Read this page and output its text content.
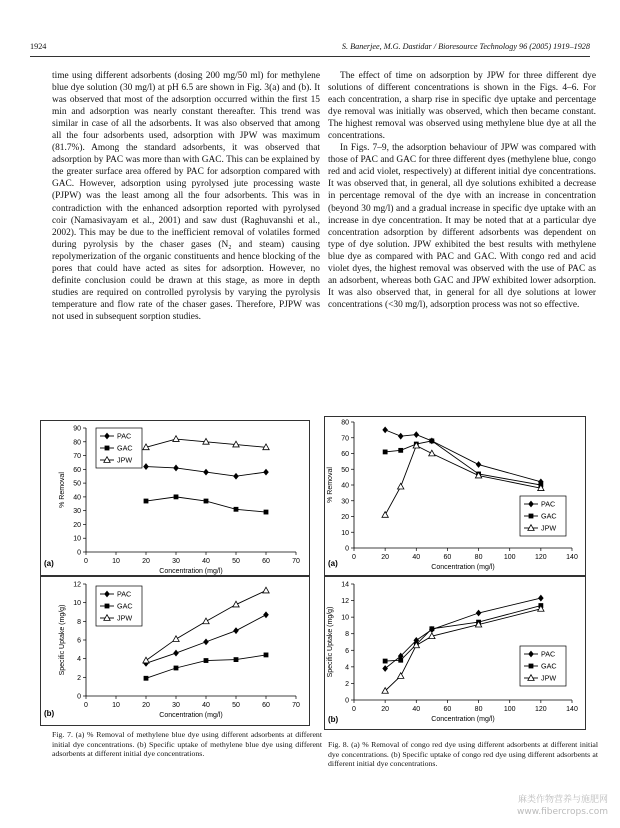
1924	S. Banerjee, M.G. Dastidar / Bioresource Technology 96 (2005) 1919–1928

time using different adsorbents (dosing 200 mg/50 ml) for methylene blue dye solution (30 mg/l) at pH 6.5 are shown in Fig. 3(a) and (b). It was observed that most of the adsorption occurred within the first 15 min and adsorption was nearly constant thereafter. This trend was similar in case of all the adsorbents. It was also observed that among all the four adsorbents used, adsorption with JPW was maximum (81.7%). Among the standard adsorbents, it was observed that adsorption by PAC was more than with GAC. This can be explained by the greater surface area offered by PAC for adsorption compared with GAC. However, adsorption using pyrolysed jute processing waste (PJPW) was the least among all the four adsorbents. This was in contradiction with the enhanced adsorption reported with pyrolysed coir (Namasivayam et al., 2001) and saw dust (Raghuvanshi et al., 2002). This may be due to the inefficient removal of volatiles formed during pyrolysis by the chaser gases (N₂ and steam) causing repolymerization of the organic constituents and hence blocking of the pores that could have acted as sites for adsorption. However, no definite conclusion could be drawn at this stage, as more in depth studies are required on controlled pyrolysis by varying the pyrolysis temperature and flow rate of the chaser gases. Therefore, PJPW was not used in subsequent sorption studies.

The effect of time on adsorption by JPW for three different dye solutions of different concentrations is shown in the Figs. 4–6. For each concentration, a sharp rise in specific dye uptake and percentage dye removal was initially was observed, which then became constant. The highest removal was observed using methylene blue dye at all the concentrations.

In Figs. 7–9, the adsorption behaviour of JPW was compared with those of PAC and GAC for three different dyes (methylene blue, congo red and acid violet, respectively) at different initial dye concentrations. It was observed that, in general, all dye solutions exhibited a decrease in percentage removal of the dye with an increase in concentration (beyond 30 mg/l) and a gradual increase in specific dye uptake with an increase in dye concentration. It may be noted that at a particular dye concentration adsorption by different adsorbents was dependent on type of dye solution. JPW exhibited the best results with methylene blue dye as compared with PAC and GAC. With congo red and acid violet dyes, the highest removal was observed with the use of PAC as an adsorbent, whereas both GAC and JPW exhibited lower adsorption. It was also observed that, in general for all dye solutions at lower concentrations (<30 mg/l), adsorption process was not so effective.

0	10	20	30	40	50	60	70
0
10
20
30
40
50
60
70
80
90
Concentration (mg/l)
% Removal
(a)
PAC
GAC
JPW
0	10	20	30	40	50	60	70
0
2
4
6
8
10
12
Concentration (mg/l)
Specific Uptake (mg/g)
(b)
PAC
GAC
JPW
0	20	40	60	80	100	120	140
0
10
20
30
40
50
60
70
80
Concentration (mg/l)
% Removal
(a)
PAC
GAC
JPW
0	20	40	60	80	100	120	140
0
2
4
6
8
10
12
14
Concentration (mg/l)
Specific Uptake (mg/g)
(b)
PAC
GAC
JPW
Fig. 7. (a) % Removal of methylene blue dye using different adsorbents at different initial dye concentrations. (b) Specific uptake of methylene blue dye using different adsorbents at different initial dye concentrations.
Fig. 8. (a) % Removal of congo red dye using different adsorbents at different initial dye concentrations. (b) Specific uptake of congo red dye using different adsorbents at different initial dye concentrations.
麻类作物营养与施肥网
www.fibercrops.com
